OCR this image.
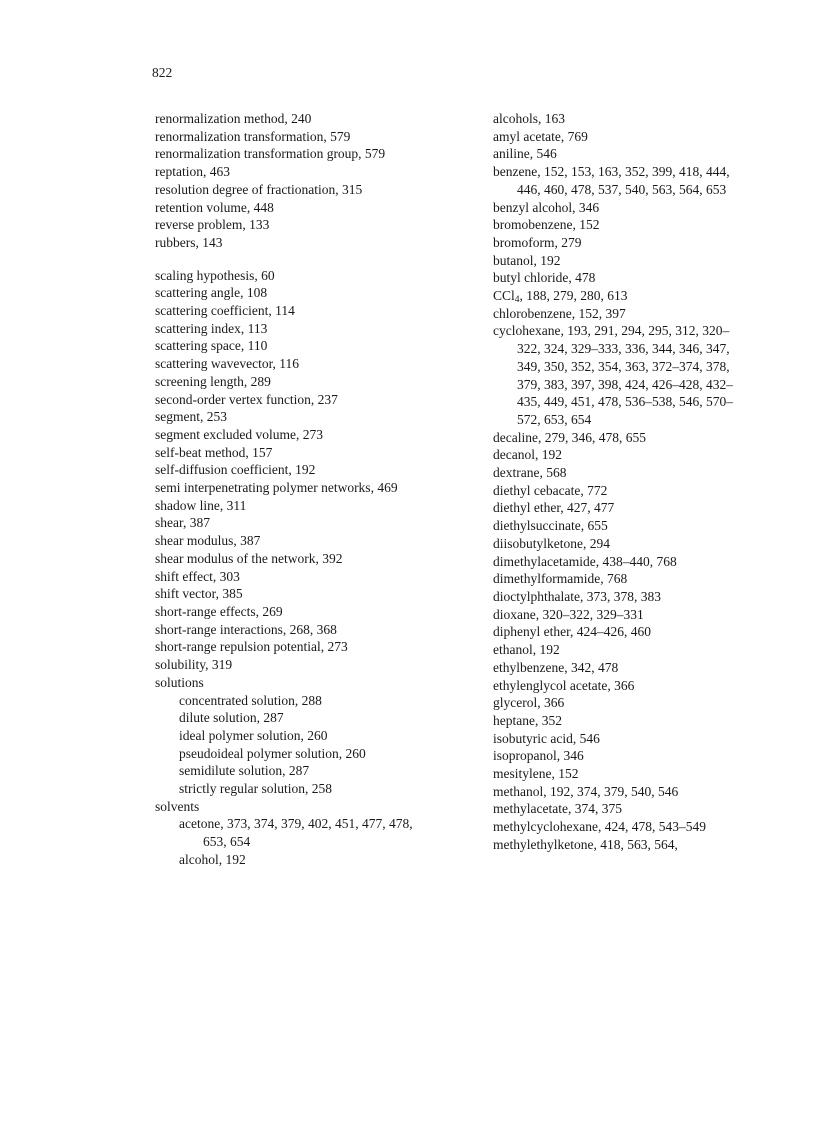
822
renormalization method, 240
renormalization transformation, 579
renormalization transformation group, 579
reptation, 463
resolution degree of fractionation, 315
retention volume, 448
reverse problem, 133
rubbers, 143
scaling hypothesis, 60
scattering angle, 108
scattering coefficient, 114
scattering index, 113
scattering space, 110
scattering wavevector, 116
screening length, 289
second-order vertex function, 237
segment, 253
segment excluded volume, 273
self-beat method, 157
self-diffusion coefficient, 192
semi interpenetrating polymer networks, 469
shadow line, 311
shear, 387
shear modulus, 387
shear modulus of the network, 392
shift effect, 303
shift vector, 385
short-range effects, 269
short-range interactions, 268, 368
short-range repulsion potential, 273
solubility, 319
solutions
concentrated solution, 288
dilute solution, 287
ideal polymer solution, 260
pseudoideal polymer solution, 260
semidilute solution, 287
strictly regular solution, 258
solvents
acetone, 373, 374, 379, 402, 451, 477, 478, 653, 654
alcohol, 192
alcohols, 163
amyl acetate, 769
aniline, 546
benzene, 152, 153, 163, 352, 399, 418, 444, 446, 460, 478, 537, 540, 563, 564, 653
benzyl alcohol, 346
bromobenzene, 152
bromoform, 279
butanol, 192
butyl chloride, 478
CCl4, 188, 279, 280, 613
chlorobenzene, 152, 397
cyclohexane, 193, 291, 294, 295, 312, 320–322, 324, 329–333, 336, 344, 346, 347, 349, 350, 352, 354, 363, 372–374, 378, 379, 383, 397, 398, 424, 426–428, 432–435, 449, 451, 478, 536–538, 546, 570–572, 653, 654
decaline, 279, 346, 478, 655
decanol, 192
dextrane, 568
diethyl cebacate, 772
diethyl ether, 427, 477
diethylsuccinate, 655
diisobutylketone, 294
dimethylacetamide, 438–440, 768
dimethylformamide, 768
dioctylphthalate, 373, 378, 383
dioxane, 320–322, 329–331
diphenyl ether, 424–426, 460
ethanol, 192
ethylbenzene, 342, 478
ethylenglycol acetate, 366
glycerol, 366
heptane, 352
isobutyric acid, 546
isopropanol, 346
mesitylene, 152
methanol, 192, 374, 379, 540, 546
methylacetate, 374, 375
methylcyclohexane, 424, 478, 543–549
methylethylketone, 418, 563, 564,
